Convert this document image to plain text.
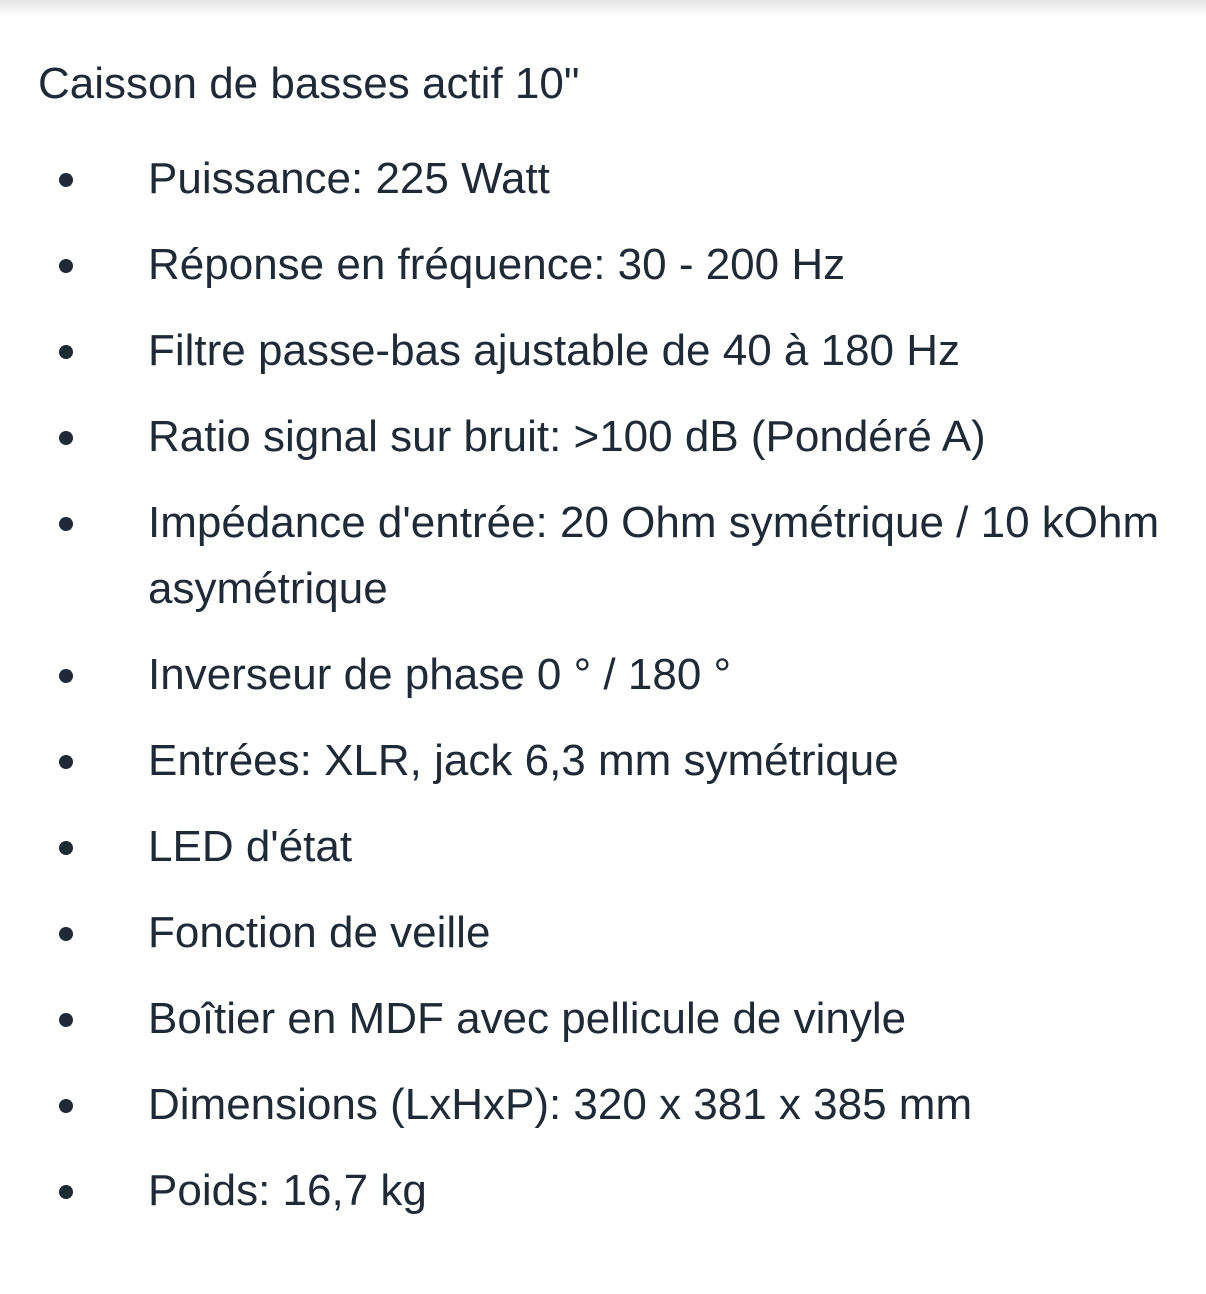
Caisson de basses actif 10"
Puissance: 225 Watt
Réponse en fréquence: 30 - 200 Hz
Filtre passe-bas ajustable de 40 à 180 Hz
Ratio signal sur bruit: >100 dB (Pondéré A)
Impédance d'entrée: 20 Ohm symétrique / 10 kOhm asymétrique
Inverseur de phase 0 ° / 180 °
Entrées: XLR, jack 6,3 mm symétrique
LED d'état
Fonction de veille
Boîtier en MDF avec pellicule de vinyle
Dimensions (LxHxP): 320 x 381 x 385 mm
Poids: 16,7 kg
